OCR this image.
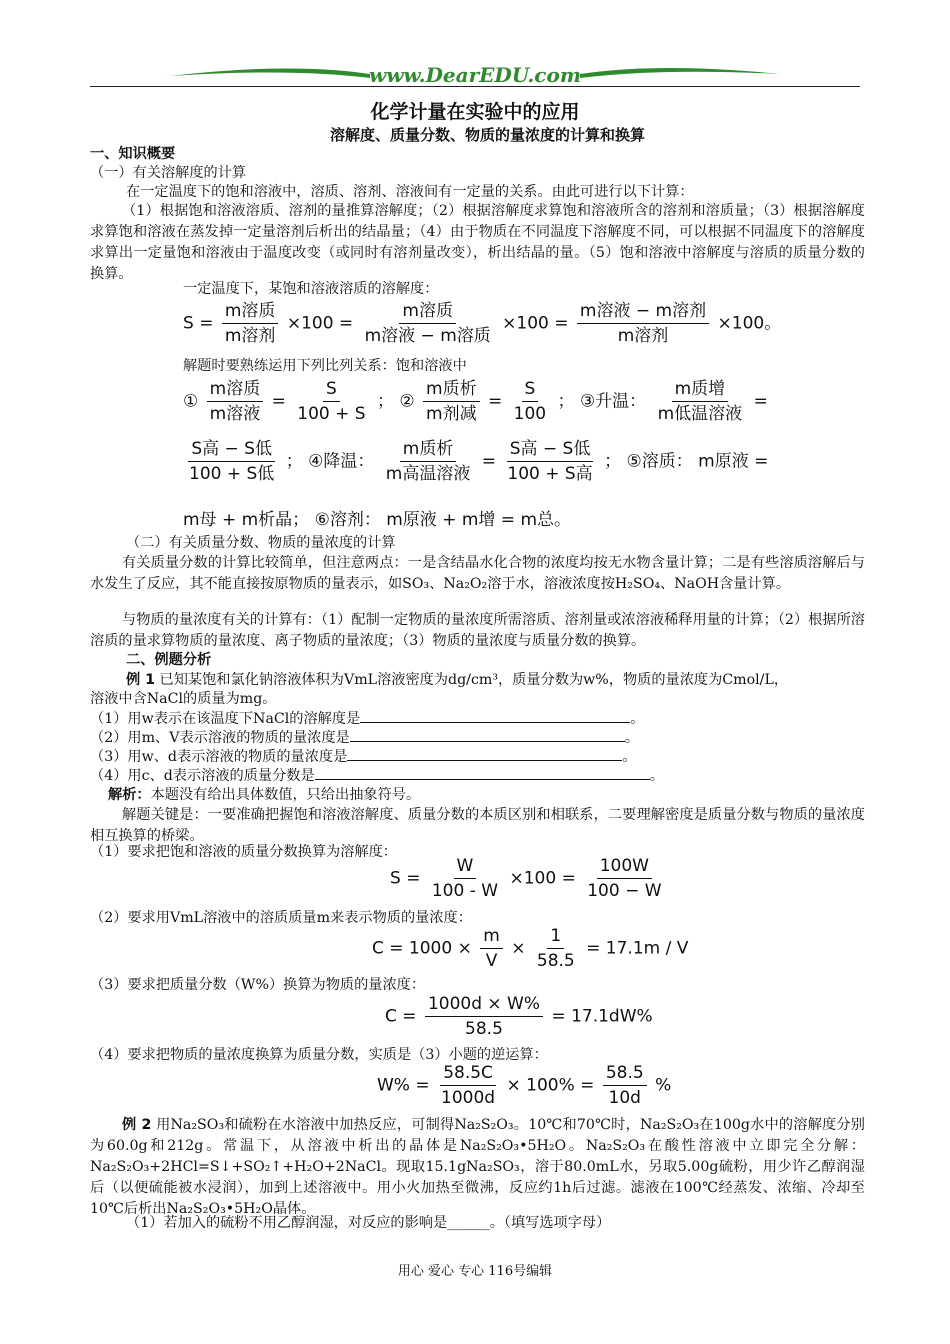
www.DearEDU.com
化学计量在实验中的应用
溶解度、质量分数、物质的量浓度的计算和换算
一、知识概要
（一）有关溶解度的计算
在一定温度下的饱和溶液中，溶质、溶剂、溶液间有一定量的关系。由此可进行以下计算：
（1）根据饱和溶液溶质、溶剂的量推算溶解度；（2）根据溶解度求算饱和溶液所含的溶剂和溶质量；（3）根据溶解度求算饱和溶液在蒸发掉一定量溶剂后析出的结晶量；（4）由于物质在不同温度下溶解度不同，可以根据不同温度下的溶解度求算出一定量饱和溶液由于温度改变（或同时有溶剂量改变），析出结晶的量。（5）饱和溶液中溶解度与溶质的质量分数的换算。
一定温度下，某饱和溶液溶质的溶解度：
$S = \frac{\text{m溶质}}{\text{m溶剂}} \times 100 = \frac{\text{m溶质}}{\text{m溶液 − m溶质}} \times 100 = \frac{\text{m溶液 − m溶剂}}{\text{m溶剂}} \times 100$。
解题时要熟练运用下列比列关系：饱和溶液中
① $\frac{\text{m溶质}}{\text{m溶液}} = \frac{S}{100 + S}$ ； ② $\frac{\text{m质析}}{\text{m剂减}} = \frac{S}{100}$ ； ③升温： $\frac{\text{m质增}}{\text{m低温溶液}}$ =
$\frac{\text{S高 − S低}}{\text{100 + S低}}$ ； ④降温： $\frac{\text{m质析}}{\text{m高温溶液}} = \frac{\text{S高 − S低}}{\text{100 + S高}}$ ； ⑤溶质： m原液 =
m母 + m析晶； ⑥溶剂： m原液 + m增 = m总。
（二）有关质量分数、物质的量浓度的计算
有关质量分数的计算比较简单，但注意两点：一是含结晶水化合物的浓度均按无水物含量计算；二是有些溶质溶解后与水发生了反应，其不能直接按原物质的量表示，如SO₃、Na₂O₂溶于水，溶液浓度按H₂SO₄、NaOH含量计算。
与物质的量浓度有关的计算有：（1）配制一定物质的量浓度所需溶质、溶剂量或浓溶液稀释用量的计算；（2）根据所溶溶质的量求算物质的量浓度、离子物质的量浓度；（3）物质的量浓度与质量分数的换算。
二、例题分析
例 1 已知某饱和氯化钠溶液体积为VmL溶液密度为dg/cm³，质量分数为w%，物质的量浓度为Cmol/L，
溶液中含NaCl的质量为mg。
（1）用w表示在该温度下NaCl的溶解度是	。
（2）用m、V表示溶液的物质的量浓度是	。
（3）用w、d表示溶液的物质的量浓度是	。
（4）用c、d表示溶液的质量分数是	。
解析：本题没有给出具体数值，只给出抽象符号。
解题关键是：一要准确把握饱和溶液溶解度、质量分数的本质区别和相联系，二要理解密度是质量分数与物质的量浓度相互换算的桥梁。
（1）要求把饱和溶液的质量分数换算为溶解度：
$S = \frac{W}{100 - W} \times 100 = \frac{100W}{100 - W}$
（2）要求用VmL溶液中的溶质质量m来表示物质的量浓度：
$C = 1000 \times \frac{m}{V} \times \frac{1}{58.5} = 17.1m / V$
（3）要求把质量分数（W%）换算为物质的量浓度：
$C = \frac{1000d \times W\%}{58.5} = 17.1dW\%$
（4）要求把物质的量浓度换算为质量分数，实质是（3）小题的逆运算：
$W\% = \frac{58.5C}{1000d} \times 100\% = \frac{58.5}{10d}$ %
例 2 用Na₂SO₃和硫粉在水溶液中加热反应，可制得Na₂S₂O₃。10℃和70℃时，Na₂S₂O₃在100g水中的溶解度分别为60.0g和212g。常温下，从溶液中析出的晶体是Na₂S₂O₃•5H₂O。Na₂S₂O₃在酸性溶液中立即完全分解：Na₂S₂O₃+2HCl=S↓+SO₂↑+H₂O+2NaCl。现取15.1gNa₂SO₃，溶于80.0mL水，另取5.00g硫粉，用少许乙醇润湿后（以便硫能被水浸润），加到上述溶液中。用小火加热至微沸，反应约1h后过滤。滤液在100℃经蒸发、浓缩、冷却至10℃后析出Na₂S₂O₃•5H₂O晶体。
（1）若加入的硫粉不用乙醇润湿，对反应的影响是______。（填写选项字母）
用心 爱心 专心 116号编辑
